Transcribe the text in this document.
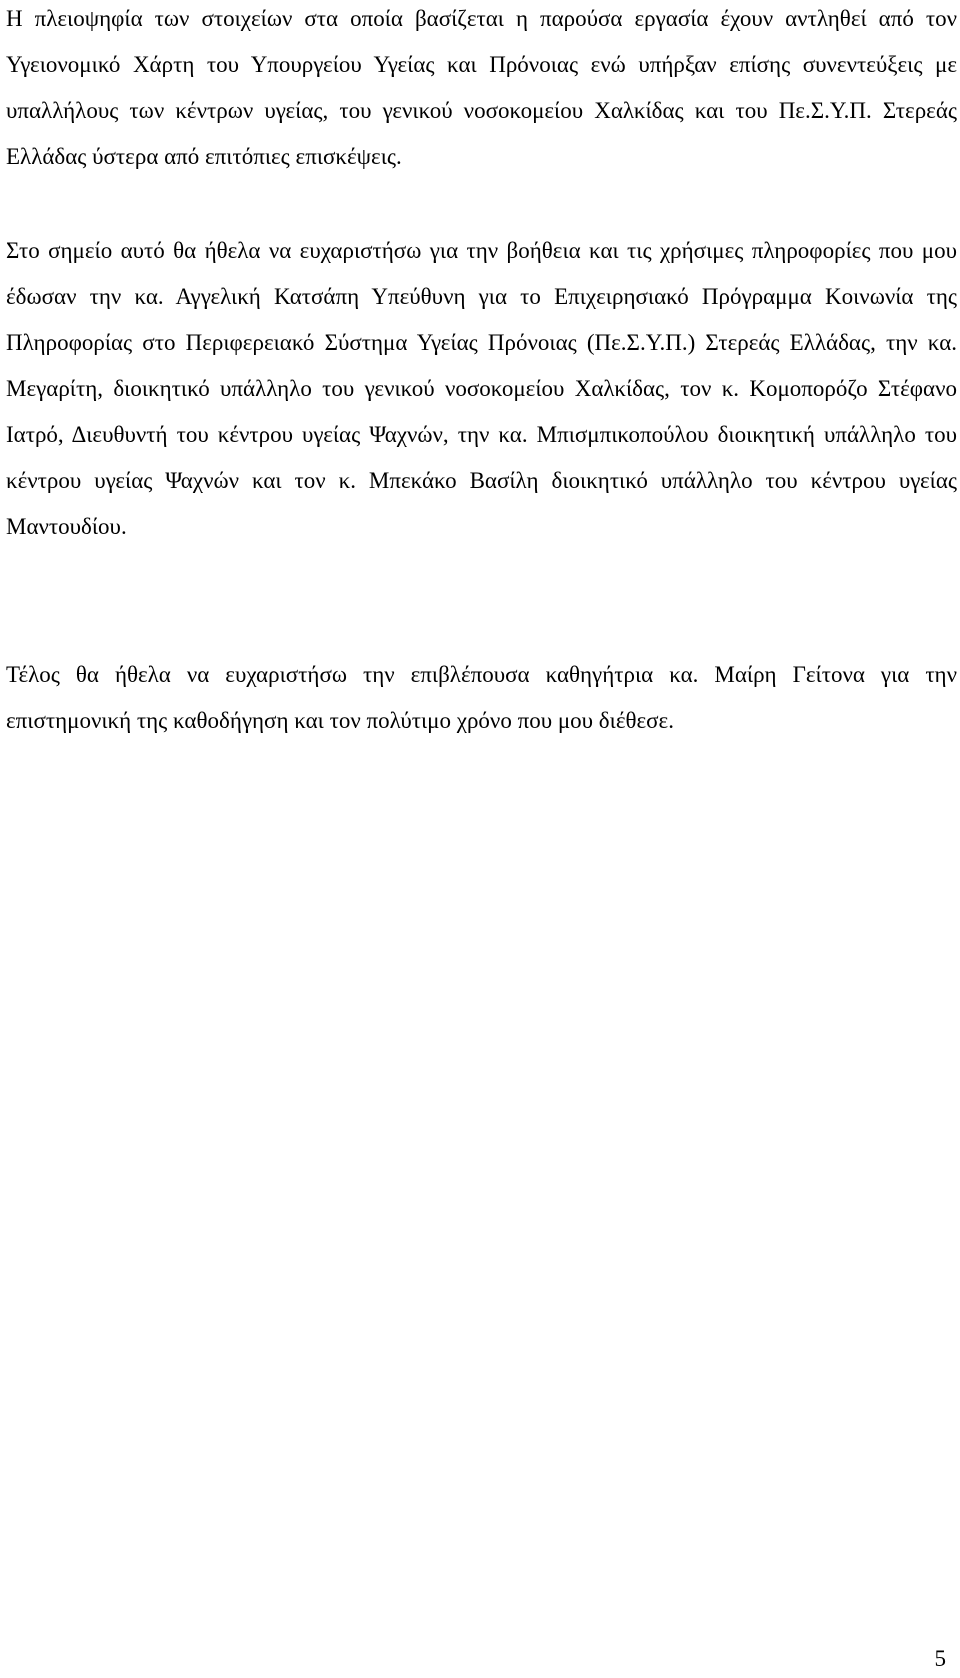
Η πλειοψηφία των στοιχείων στα οποία βασίζεται η παρούσα εργασία έχουν αντληθεί από τον Υγειονομικό Χάρτη του Υπουργείου Υγείας και Πρόνοιας ενώ υπήρξαν επίσης συνεντεύξεις με υπαλλήλους των κέντρων υγείας, του γενικού νοσοκομείου Χαλκίδας και του Πε.Σ.Υ.Π. Στερεάς Ελλάδας ύστερα από επιτόπιες επισκέψεις.

Στο σημείο αυτό θα ήθελα να ευχαριστήσω για την βοήθεια και τις χρήσιμες πληροφορίες που μου έδωσαν την κα. Αγγελική Κατσάπη Υπεύθυνη για το Επιχειρησιακό Πρόγραμμα Κοινωνία της Πληροφορίας στο Περιφερειακό Σύστημα Υγείας Πρόνοιας (Πε.Σ.Υ.Π.) Στερεάς Ελλάδας, την κα. Μεγαρίτη, διοικητικό υπάλληλο του γενικού νοσοκομείου Χαλκίδας, τον κ. Κομοπορόζο Στέφανο Ιατρό, Διευθυντή του κέντρου υγείας Ψαχνών, την κα. Μπισμπικοπούλου διοικητική υπάλληλο του κέντρου υγείας Ψαχνών και τον κ. Μπεκάκο Βασίλη διοικητικό υπάλληλο του κέντρου υγείας Μαντουδίου.

Τέλος θα ήθελα να ευχαριστήσω την επιβλέπουσα καθηγήτρια κα. Μαίρη Γείτονα για την επιστημονική της καθοδήγηση και τον πολύτιμο χρόνο που μου διέθεσε.

5
